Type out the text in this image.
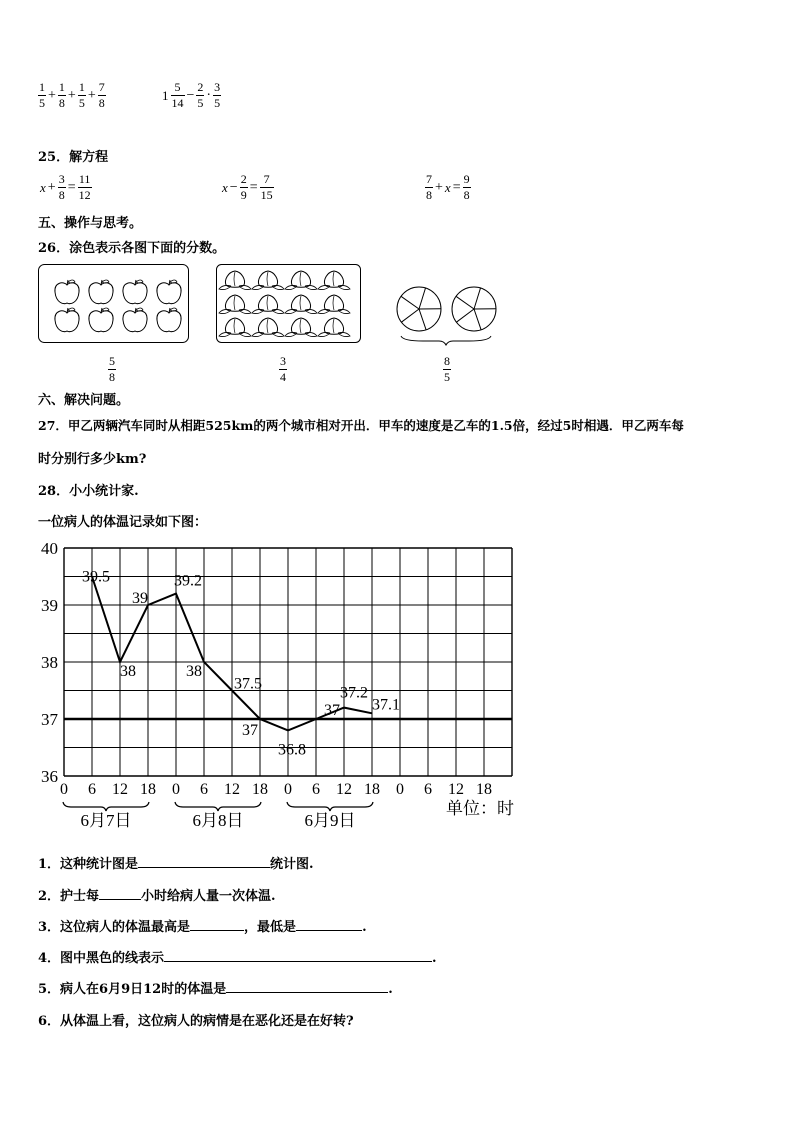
$\frac{1}{5} + \frac{1}{8} + \frac{1}{5} + \frac{7}{8}$	$1 \frac{5}{14} - \frac{2}{5} \cdot \frac{3}{5}$
25．解方程
$x + \frac{3}{8} = \frac{11}{12}$	$x - \frac{2}{9} = \frac{7}{15}$	$\frac{7}{8} + x = \frac{9}{8}$
五、操作与思考。
26．涂色表示各图下面的分数。
$\frac{5}{8}$	$\frac{3}{4}$	$\frac{8}{5}$
六、解决问题。
27．甲乙两辆汽车同时从相距525km的两个城市相对开出．甲车的速度是乙车的1.5倍，经过5时相遇．甲乙两车每
时分别行多少km?
28．小小统计家.
一位病人的体温记录如下图：
36
37
38
39
40
0 6 12 18 0 6 12 18 0 6 12 18 0 6 12 18
39.5
38
39
39.2
38
37.5
37
36.8
37
37.2
37.1
6月7日	6月8日	6月9日
单位：时
1．这种统计图是	统计图.
2．护士每	小时给病人量一次体温.
3．这位病人的体温最高是	，最低是	.
4．图中黑色的线表示	.
5．病人在6月9日12时的体温是	.
6．从体温上看，这位病人的病情是在恶化还是在好转?
